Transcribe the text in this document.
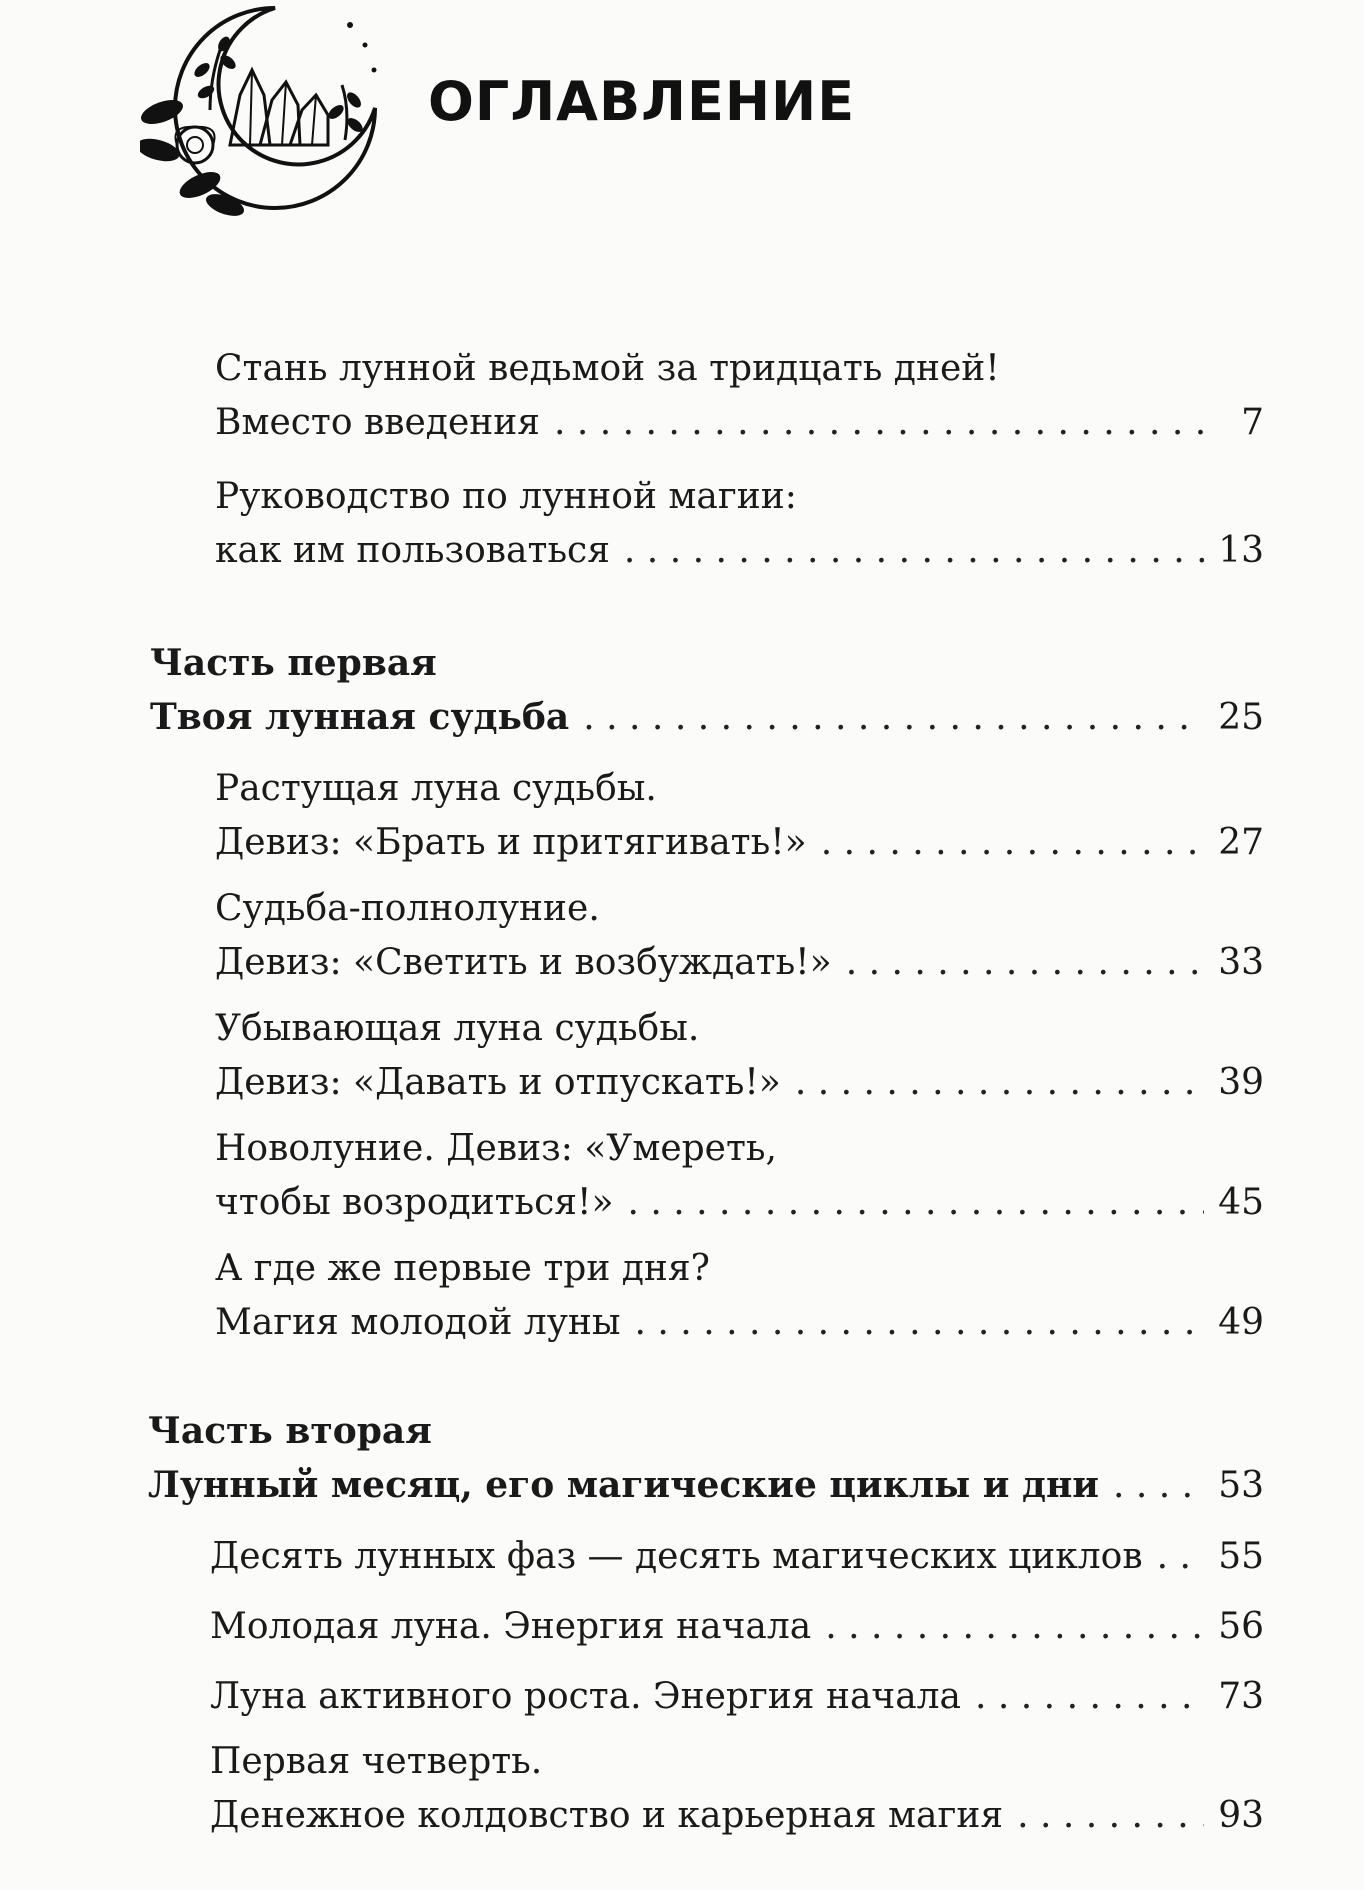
ОГЛАВЛЕНИЕ
Стань лунной ведьмой за тридцать дней!
Вместо введения . . .	7
Руководство по лунной магии:
как им пользоваться . . .	13
Часть первая
Твоя лунная судьба . . .	25
Растущая луна судьбы.
Девиз: «Брать и притягивать!» . . .	27
Судьба-полнолуние.
Девиз: «Светить и возбуждать!» . . .	33
Убывающая луна судьбы.
Девиз: «Давать и отпускать!» . . .	39
Новолуние. Девиз: «Умереть,
чтобы возродиться!» . . .	45
А где же первые три дня?
Магия молодой луны . . .	49
Часть вторая
Лунный месяц, его магические циклы и дни . . .	53
Десять лунных фаз — десять магических циклов . . . 55
Молодая луна. Энергия начала . . .	56
Луна активного роста. Энергия начала . . .	73
Первая четверть.
Денежное колдовство и карьерная магия . . .	93
